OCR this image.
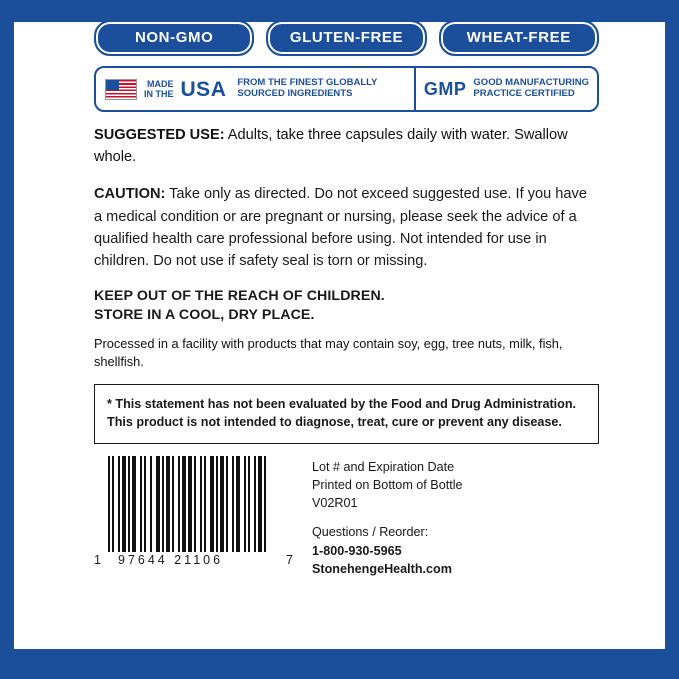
NON-GMO	GLUTEN-FREE	WHEAT-FREE
MADE
IN THE USA	FROM THE FINEST GLOBALLY
SOURCED INGREDIENTS	GMP GOOD MANUFACTURING
PRACTICE CERTIFIED

SUGGESTED USE: Adults, take three capsules daily with water. Swallow whole.

CAUTION: Take only as directed. Do not exceed suggested use. If you have a medical condition or are pregnant or nursing, please seek the advice of a qualified health care professional before using. Not intended for use in children. Do not use if safety seal is torn or missing.

KEEP OUT OF THE REACH OF CHILDREN.
STORE IN A COOL, DRY PLACE.

Processed in a facility with products that may contain soy, egg, tree nuts, milk, fish, shellfish.

* This statement has not been evaluated by the Food and Drug Administration. This product is not intended to diagnose, treat, cure or prevent any disease.
1	97644 21106	7
Lot # and Expiration Date
Printed on Bottom of Bottle
V02R01
Questions / Reorder:
1-800-930-5965
StonehengeHealth.com
